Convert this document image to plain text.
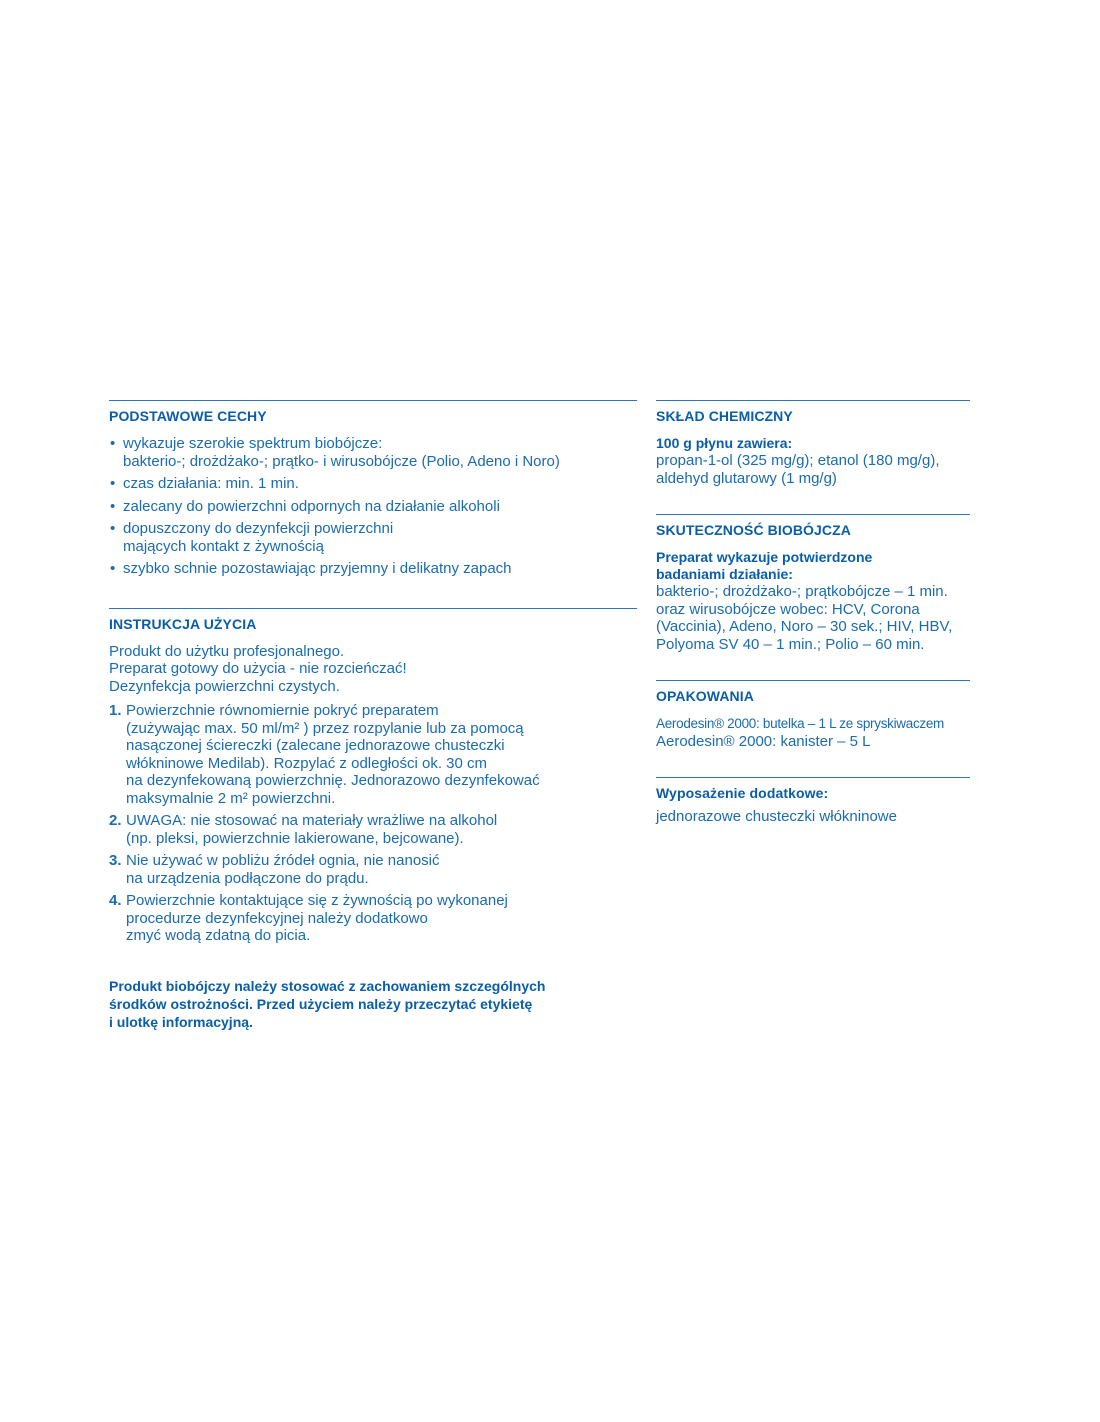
PODSTAWOWE CECHY
• wykazuje szerokie spektrum biobójcze:
bakterio-; drożdżako-; prątko- i wirusobójcze (Polio, Adeno i Noro)
• czas działania: min. 1 min.
• zalecany do powierzchni odpornych na działanie alkoholi
• dopuszczony do dezynfekcji powierzchni
mających kontakt z żywnością
• szybko schnie pozostawiając przyjemny i delikatny zapach
INSTRUKCJA UŻYCIA

Produkt do użytku profesjonalnego.

Preparat gotowy do użycia - nie rozcieńczać!

Dezynfekcja powierzchni czystych.

1. Powierzchnie równomiernie pokryć preparatem
(zużywając max. 50 ml/m² ) przez rozpylanie lub za pomocą
nasączonej ściereczki (zalecane jednorazowe chusteczki
włókninowe Medilab). Rozpylać z odległości ok. 30 cm
na dezynfekowaną powierzchnię. Jednorazowo dezynfekować
maksymalnie 2 m² powierzchni.
2. UWAGA: nie stosować na materiały wrażliwe na alkohol
(np. pleksi, powierzchnie lakierowane, bejcowane).
3. Nie używać w pobliżu źródeł ognia, nie nanosić
na urządzenia podłączone do prądu.
4. Powierzchnie kontaktujące się z żywnością po wykonanej
procedurze dezynfekcyjnej należy dodatkowo
zmyć wodą zdatną do picia.
Produkt biobójczy należy stosować z zachowaniem szczególnych
środków ostrożności. Przed użyciem należy przeczytać etykietę
i ulotkę informacyjną.
SKŁAD CHEMICZNY
100 g płynu zawiera:

propan-1-ol (325 mg/g); etanol (180 mg/g),

aldehyd glutarowy (1 mg/g)

SKUTECZNOŚĆ BIOBÓJCZA
Preparat wykazuje potwierdzone
badaniami działanie:

bakterio-; drożdżako-; prątkobójcze – 1 min.

oraz wirusobójcze wobec: HCV, Corona

(Vaccinia), Adeno, Noro – 30 sek.; HIV, HBV,

Polyoma SV 40 – 1 min.; Polio – 60 min.

OPAKOWANIA

Aerodesin® 2000: butelka – 1 L ze spryskiwaczem

Aerodesin® 2000: kanister – 5 L

Wyposażenie dodatkowe:

jednorazowe chusteczki włókninowe
